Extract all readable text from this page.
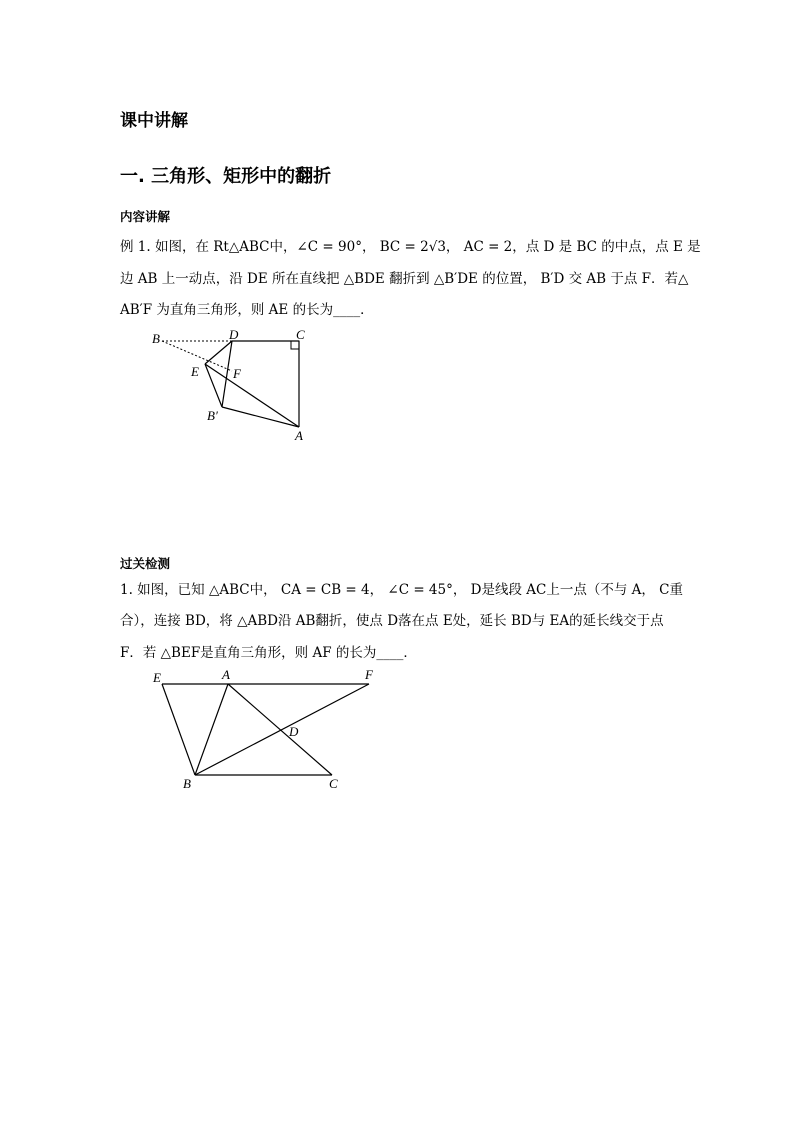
课中讲解
一. 三角形、矩形中的翻折
内容讲解
例 1. 如图，在 Rt△ABC中，∠C = 90°， BC = 2√3， AC = 2，点 D 是 BC 的中点，点 E 是
边 AB 上一动点，沿 DE 所在直线把 △BDE 翻折到 △B′DE 的位置， B′D 交 AB 于点 F．若△
AB′F 为直角三角形，则 AE 的长为____．
B	D	C
E	F
B′
A
过关检测
1. 如图，已知 △ABC中， CA = CB = 4， ∠C = 45°， D是线段 AC上一点（不与 A， C重
合），连接 BD，将 △ABD沿 AB翻折，使点 D落在点 E处，延长 BD与 EA的延长线交于点
F．若 △BEF是直角三角形，则 AF 的长为____．
E	A	F
D
B	C
